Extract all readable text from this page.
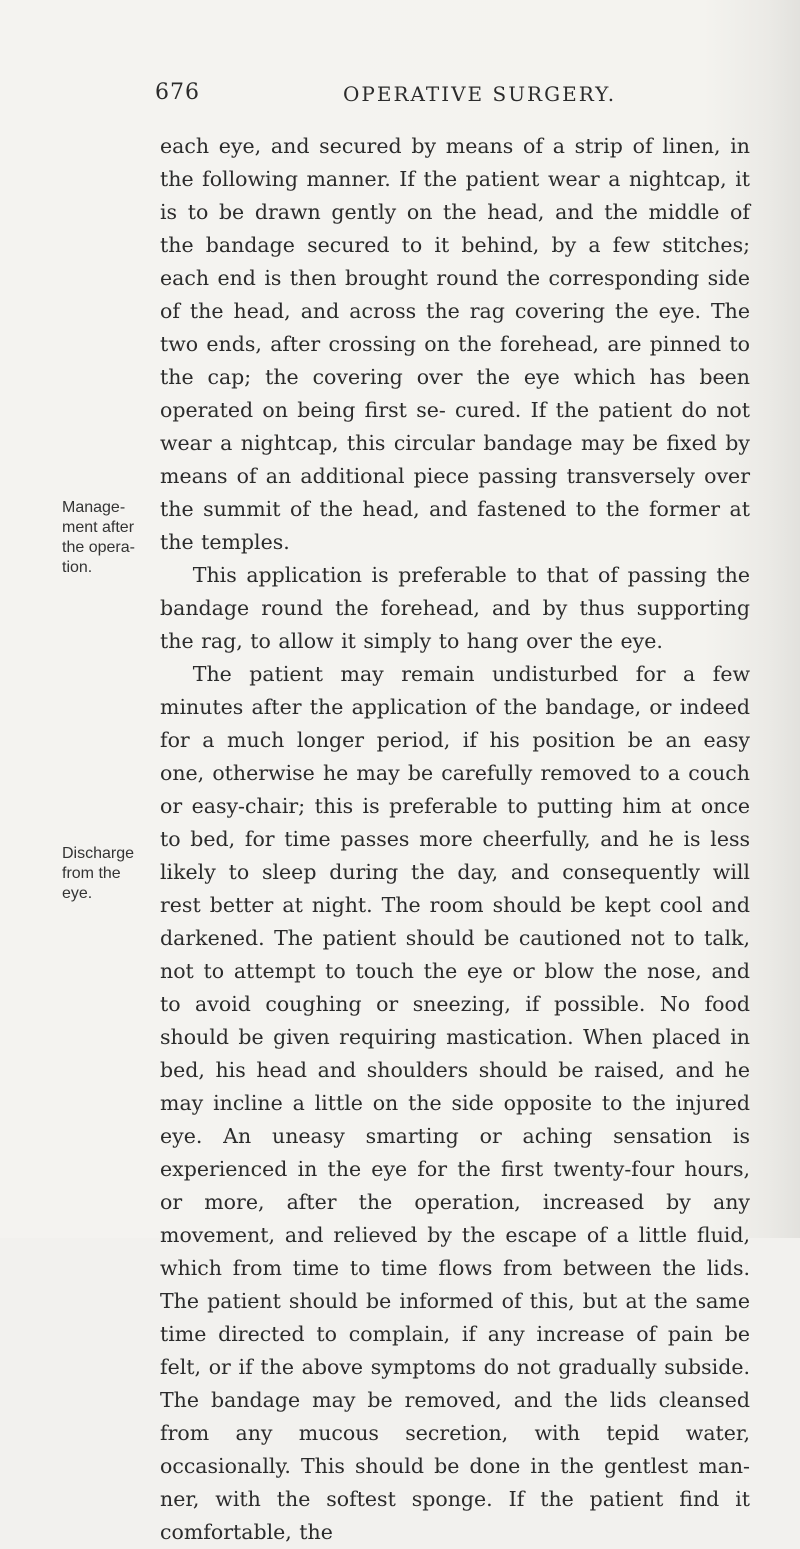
676	OPERATIVE SURGERY.
Manage- ment after the opera- tion.
Discharge from the eye.

each eye, and secured by means of a strip of linen, in the following manner. If the patient wear a nightcap, it is to be drawn gently on the head, and the middle of the bandage secured to it behind, by a few stitches; each end is then brought round the corresponding side of the head, and across the rag covering the eye. The two ends, after crossing on the forehead, are pinned to the cap; the covering over the eye which has been operated on being first se- cured. If the patient do not wear a nightcap, this circular bandage may be fixed by means of an additional piece passing transversely over the summit of the head, and fastened to the former at the temples.

This application is preferable to that of passing the bandage round the forehead, and by thus supporting the rag, to allow it simply to hang over the eye.

The patient may remain undisturbed for a few minutes after the application of the bandage, or indeed for a much longer period, if his position be an easy one, otherwise he may be carefully removed to a couch or easy-chair; this is preferable to putting him at once to bed, for time passes more cheerfully, and he is less likely to sleep during the day, and consequently will rest better at night. The room should be kept cool and darkened. The patient should be cautioned not to talk, not to attempt to touch the eye or blow the nose, and to avoid coughing or sneezing, if possible. No food should be given requiring mastication. When placed in bed, his head and shoulders should be raised, and he may incline a little on the side opposite to the injured eye. An uneasy smarting or aching sensation is experienced in the eye for the first twenty-four hours, or more, after the operation, increased by any movement, and relieved by the escape of a little fluid, which from time to time flows from between the lids. The patient should be informed of this, but at the same time directed to complain, if any increase of pain be felt, or if the above symptoms do not gradually subside. The bandage may be removed, and the lids cleansed from any mucous secretion, with tepid water, occasionally. This should be done in the gentlest man- ner, with the softest sponge. If the patient find it comfortable, the
